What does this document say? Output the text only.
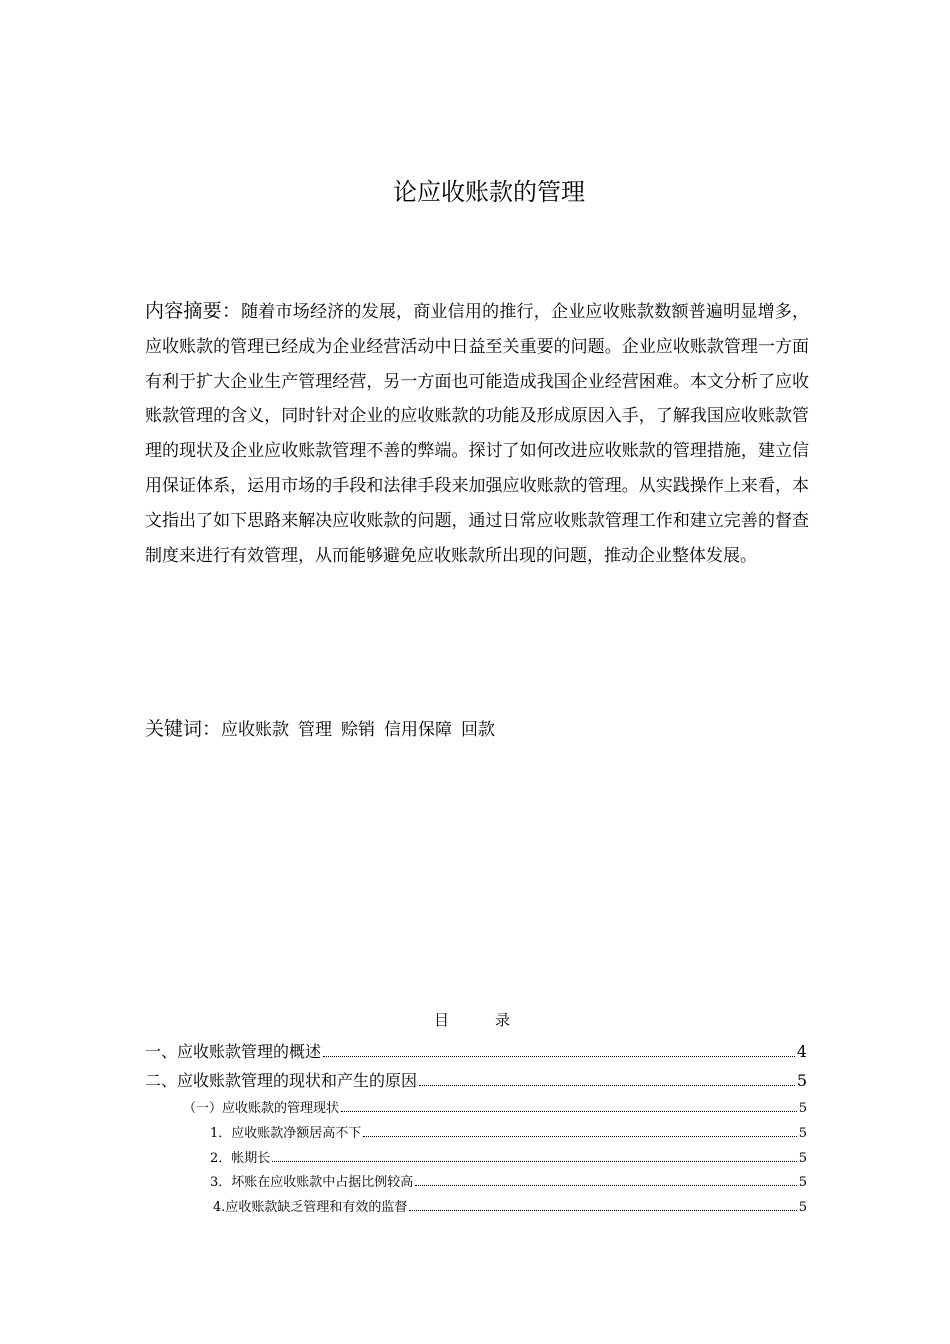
论应收账款的管理
内容摘要：随着市场经济的发展，商业信用的推行，企业应收账款数额普遍明显增多，应收账款的管理已经成为企业经营活动中日益至关重要的问题。企业应收账款管理一方面有利于扩大企业生产管理经营，另一方面也可能造成我国企业经营困难。本文分析了应收账款管理的含义，同时针对企业的应收账款的功能及形成原因入手，了解我国应收账款管理的现状及企业应收账款管理不善的弊端。探讨了如何改进应收账款的管理措施，建立信用保证体系，运用市场的手段和法律手段来加强应收账款的管理。从实践操作上来看，本文指出了如下思路来解决应收账款的问题，通过日常应收账款管理工作和建立完善的督查制度来进行有效管理，从而能够避免应收账款所出现的问题，推动企业整体发展。
关键词：应收账款 管理 赊销 信用保障 回款
目	录
一、应收账款管理的概述	4
二、应收账款管理的现状和产生的原因	5
（一）应收账款的管理现状	5
1．应收账款净额居高不下	5
2．帐期长	5
3．坏账在应收账款中占据比例较高	5
4.应收账款缺乏管理和有效的监督	5
